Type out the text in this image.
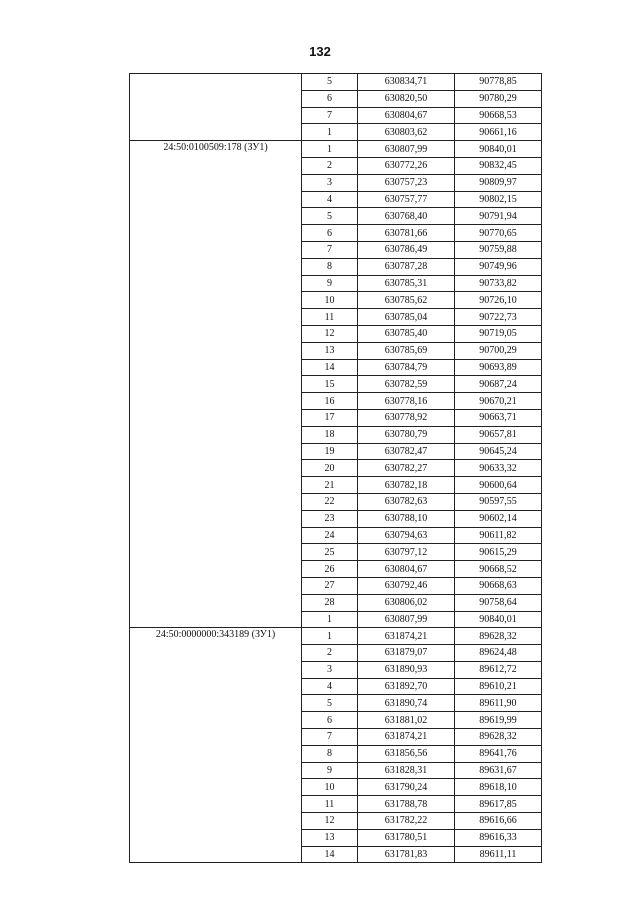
132
	5	630834,71	90778,85
	6	630820,50	90780,29
	7	630804,67	90668,53
	1	630803,62	90661,16
24:50:0100509:178 (ЗУ1)	1	630807,99	90840,01
	2	630772,26	90832,45
	3	630757,23	90809,97
	4	630757,77	90802,15
	5	630768,40	90791,94
	6	630781,66	90770,65
	7	630786,49	90759,88
	8	630787,28	90749,96
	9	630785,31	90733,82
	10	630785,62	90726,10
	11	630785,04	90722,73
	12	630785,40	90719,05
	13	630785,69	90700,29
	14	630784,79	90693,89
	15	630782,59	90687,24
	16	630778,16	90670,21
	17	630778,92	90663,71
	18	630780,79	90657,81
	19	630782,47	90645,24
	20	630782,27	90633,32
	21	630782,18	90600,64
	22	630782,63	90597,55
	23	630788,10	90602,14
	24	630794,63	90611,82
	25	630797,12	90615,29
	26	630804,67	90668,52
	27	630792,46	90668,63
	28	630806,02	90758,64
	1	630807,99	90840,01
24:50:0000000:343189 (ЗУ1)	1	631874,21	89628,32
	2	631879,07	89624,48
	3	631890,93	89612,72
	4	631892,70	89610,21
	5	631890,74	89611,90
	6	631881,02	89619,99
	7	631874,21	89628,32
	8	631856,56	89641,76
	9	631828,31	89631,67
	10	631790,24	89618,10
	11	631788,78	89617,85
	12	631782,22	89616,66
	13	631780,51	89616,33
	14	631781,83	89611,11
